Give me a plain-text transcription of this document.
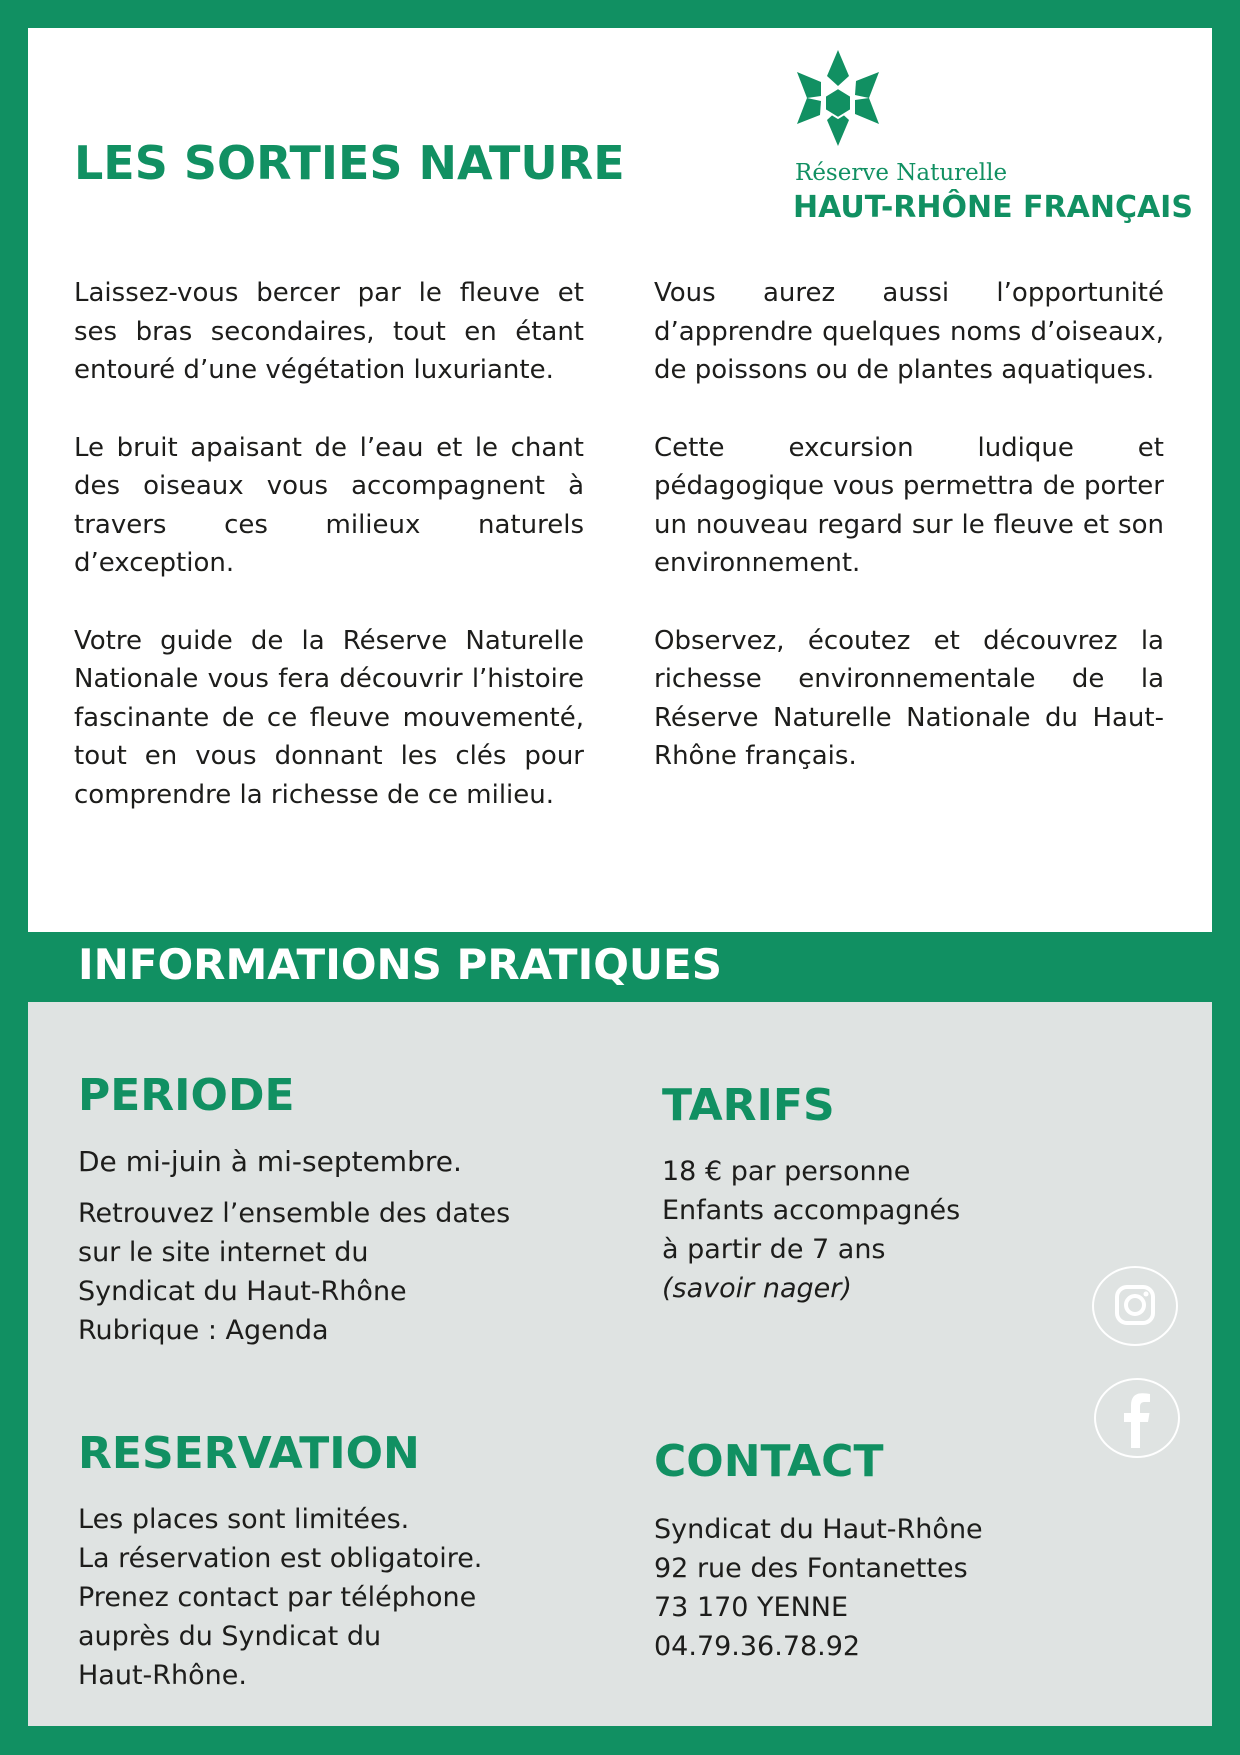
LES SORTIES NATURE	Réserve Naturelle
HAUT-RHÔNE FRANÇAIS

Laissez-vous bercer par le fleuve et ses bras secondaires, tout en étant entouré d’une végétation luxuriante.

Le bruit apaisant de l’eau et le chant des oiseaux vous accompagnent à travers ces milieux naturels d’exception.

Votre guide de la Réserve Naturelle Nationale vous fera découvrir l’histoire fascinante de ce fleuve mouvementé, tout en vous donnant les clés pour comprendre la richesse de ce milieu.

Vous aurez aussi l’opportunité d’apprendre quelques noms d’oiseaux, de poissons ou de plantes aquatiques.

Cette excursion ludique et pédagogique vous permettra de porter un nouveau regard sur le fleuve et son environnement.

Observez, écoutez et découvrez la richesse environnementale de la Réserve Naturelle Nationale du Haut-Rhône français.

INFORMATIONS PRATIQUES
PERIODE
De mi-juin à mi-septembre.
Retrouvez l’ensemble des dates
sur le site internet du
Syndicat du Haut-Rhône
Rubrique : Agenda
TARIFS
18 € par personne
Enfants accompagnés
à partir de 7 ans
(savoir nager)
RESERVATION
Les places sont limitées.
La réservation est obligatoire.
Prenez contact par téléphone
auprès du Syndicat du
Haut-Rhône.
CONTACT
Syndicat du Haut-Rhône
92 rue des Fontanettes
73 170 YENNE
04.79.36.78.92
